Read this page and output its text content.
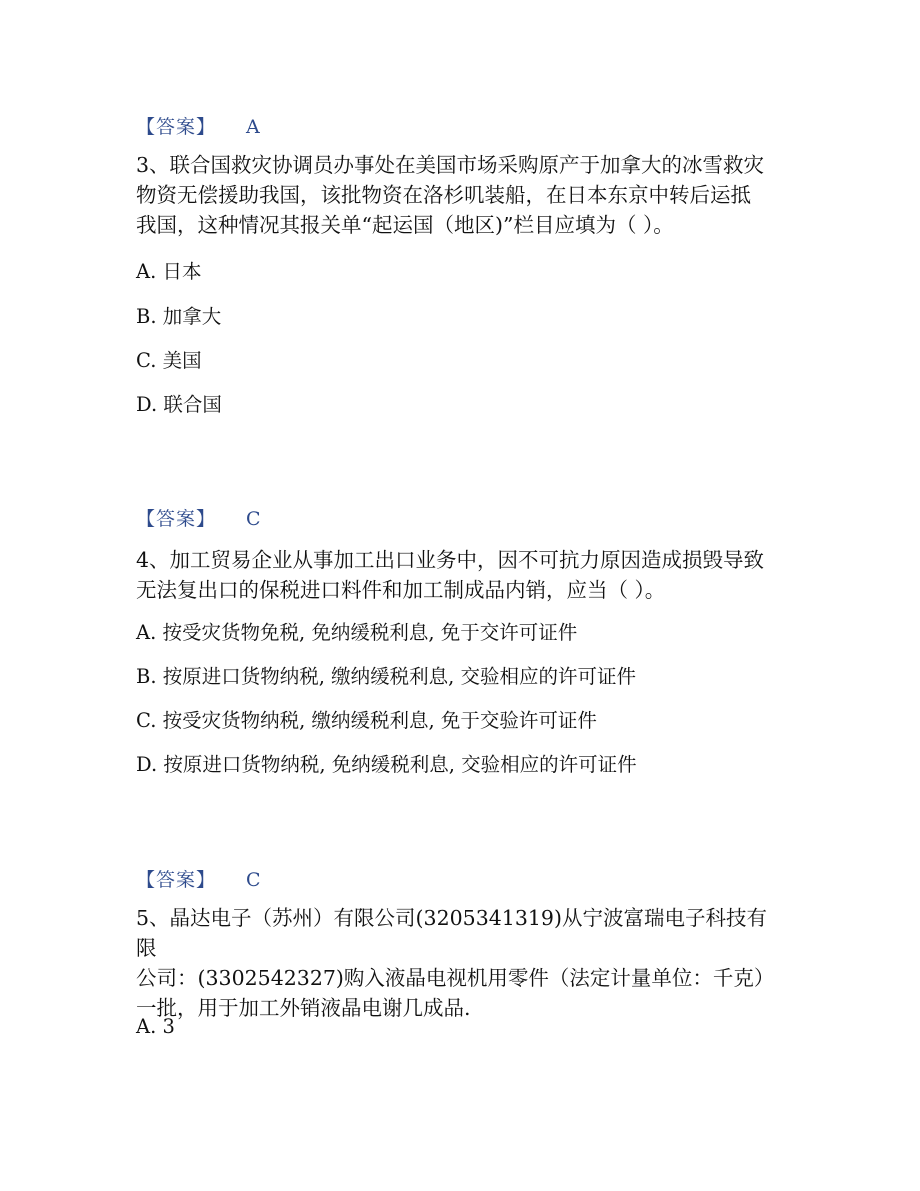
【答案】 A
3、联合国救灾协调员办事处在美国市场采购原产于加拿大的冰雪救灾
物资无偿援助我国，该批物资在洛杉叽装船，在日本东京中转后运抵
我国，这种情况其报关单“起运国（地区)”栏目应填为（ ）。
A. 日本
B. 加拿大
C. 美国
D. 联合国
【答案】 C
4、加工贸易企业从事加工出口业务中，因不可抗力原因造成损毁导致
无法复出口的保税进口料件和加工制成品内销，应当（ ）。
A. 按受灾货物免税, 免纳缓税利息, 免于交许可证件
B. 按原进口货物纳税, 缴纳缓税利息, 交验相应的许可证件
C. 按受灾货物纳税, 缴纳缓税利息, 免于交验许可证件
D. 按原进口货物纳税, 免纳缓税利息, 交验相应的许可证件
【答案】 C
5、晶达电子（苏州）有限公司(3205341319)从宁波富瑞电子科技有限
公司：(3302542327)购入液晶电视机用零件（法定计量单位：千克）
一批，用于加工外销液晶电谢几成品.
A. 3
